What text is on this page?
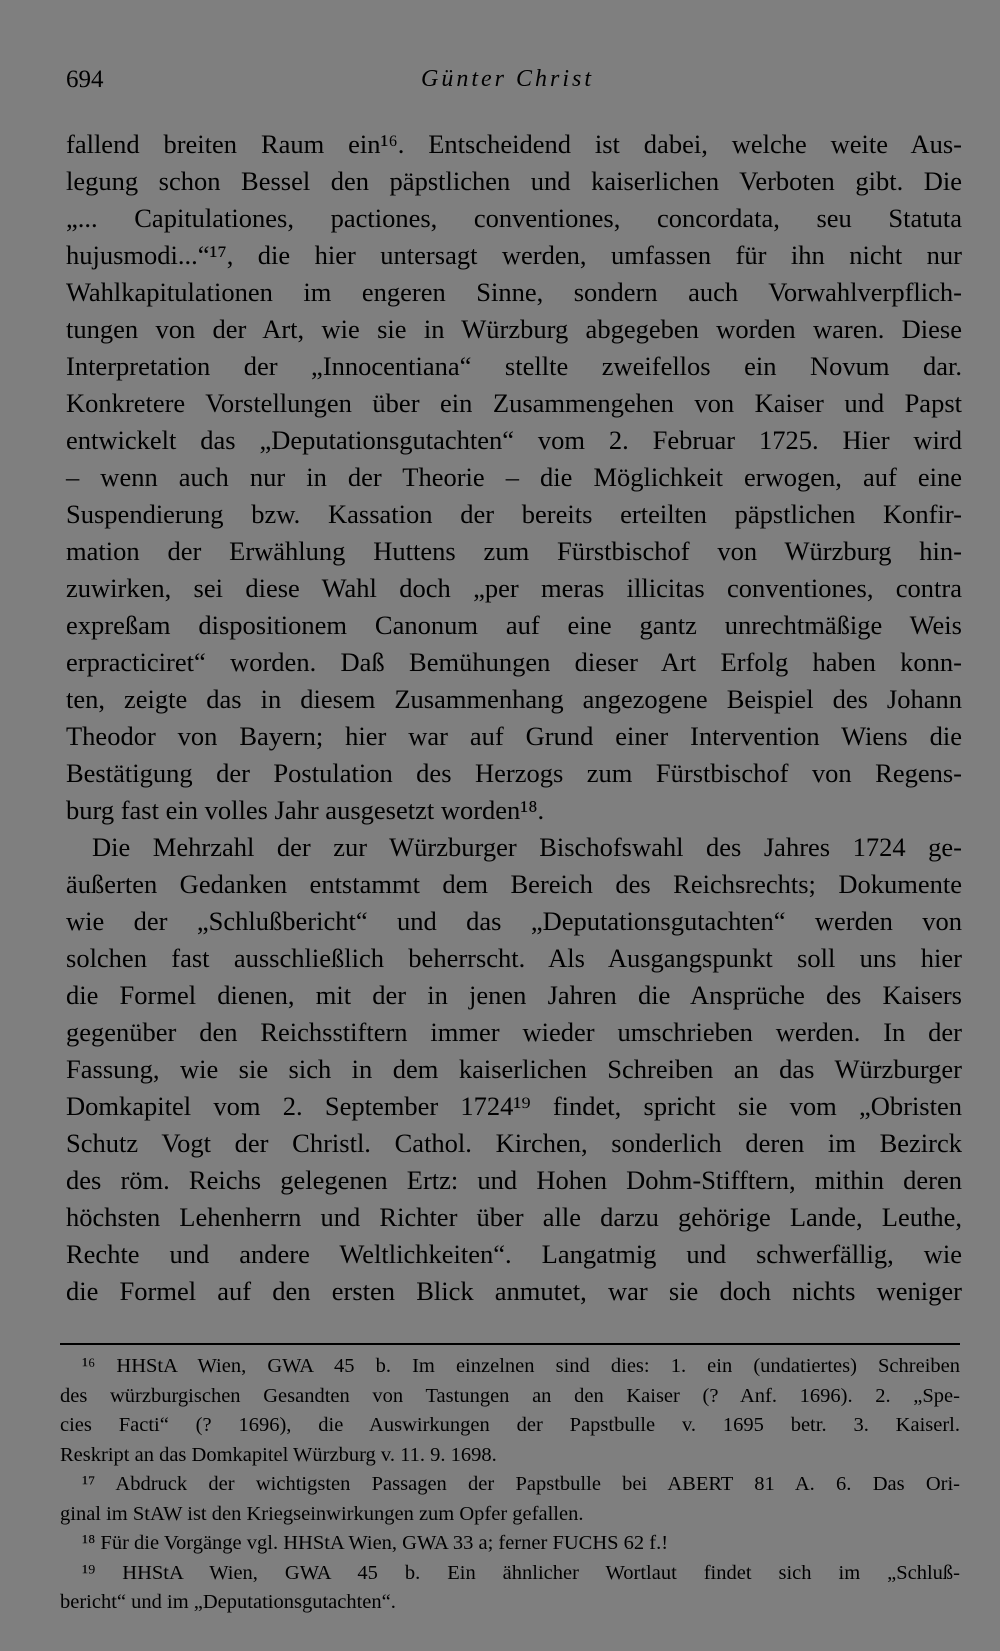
694	Günter Christ
fallend breiten Raum ein¹⁶. Entscheidend ist dabei, welche weite Aus-
legung schon Bessel den päpstlichen und kaiserlichen Verboten gibt. Die
„... Capitulationes, pactiones, conventiones, concordata, seu Statuta
hujusmodi...“¹⁷, die hier untersagt werden, umfassen für ihn nicht nur
Wahlkapitulationen im engeren Sinne, sondern auch Vorwahlverpflich-
tungen von der Art, wie sie in Würzburg abgegeben worden waren. Diese
Interpretation der „Innocentiana“ stellte zweifellos ein Novum dar.
Konkretere Vorstellungen über ein Zusammengehen von Kaiser und Papst
entwickelt das „Deputationsgutachten“ vom 2. Februar 1725. Hier wird
– wenn auch nur in der Theorie – die Möglichkeit erwogen, auf eine
Suspendierung bzw. Kassation der bereits erteilten päpstlichen Konfir-
mation der Erwählung Huttens zum Fürstbischof von Würzburg hin-
zuwirken, sei diese Wahl doch „per meras illicitas conventiones, contra
expreßam dispositionem Canonum auf eine gantz unrechtmäßige Weis
erpracticiret“ worden. Daß Bemühungen dieser Art Erfolg haben konn-
ten, zeigte das in diesem Zusammenhang angezogene Beispiel des Johann
Theodor von Bayern; hier war auf Grund einer Intervention Wiens die
Bestätigung der Postulation des Herzogs zum Fürstbischof von Regens-
burg fast ein volles Jahr ausgesetzt worden¹⁸.
Die Mehrzahl der zur Würzburger Bischofswahl des Jahres 1724 ge-
äußerten Gedanken entstammt dem Bereich des Reichsrechts; Dokumente
wie der „Schlußbericht“ und das „Deputationsgutachten“ werden von
solchen fast ausschließlich beherrscht. Als Ausgangspunkt soll uns hier
die Formel dienen, mit der in jenen Jahren die Ansprüche des Kaisers
gegenüber den Reichsstiftern immer wieder umschrieben werden. In der
Fassung, wie sie sich in dem kaiserlichen Schreiben an das Würzburger
Domkapitel vom 2. September 1724¹⁹ findet, spricht sie vom „Obristen
Schutz Vogt der Christl. Cathol. Kirchen, sonderlich deren im Bezirck
des röm. Reichs gelegenen Ertz: und Hohen Dohm-Stifftern, mithin deren
höchsten Lehenherrn und Richter über alle darzu gehörige Lande, Leuthe,
Rechte und andere Weltlichkeiten“. Langatmig und schwerfällig, wie
die Formel auf den ersten Blick anmutet, war sie doch nichts weniger
¹⁶ HHStA Wien, GWA 45 b. Im einzelnen sind dies: 1. ein (undatiertes) Schreiben
des würzburgischen Gesandten von Tastungen an den Kaiser (? Anf. 1696). 2. „Spe-
cies Facti“ (? 1696), die Auswirkungen der Papstbulle v. 1695 betr. 3. Kaiserl.
Reskript an das Domkapitel Würzburg v. 11. 9. 1698.
¹⁷ Abdruck der wichtigsten Passagen der Papstbulle bei ABERT 81 A. 6. Das Ori-
ginal im StAW ist den Kriegseinwirkungen zum Opfer gefallen.
¹⁸ Für die Vorgänge vgl. HHStA Wien, GWA 33 a; ferner FUCHS 62 f.!
¹⁹ HHStA Wien, GWA 45 b. Ein ähnlicher Wortlaut findet sich im „Schluß-
bericht“ und im „Deputationsgutachten“.
